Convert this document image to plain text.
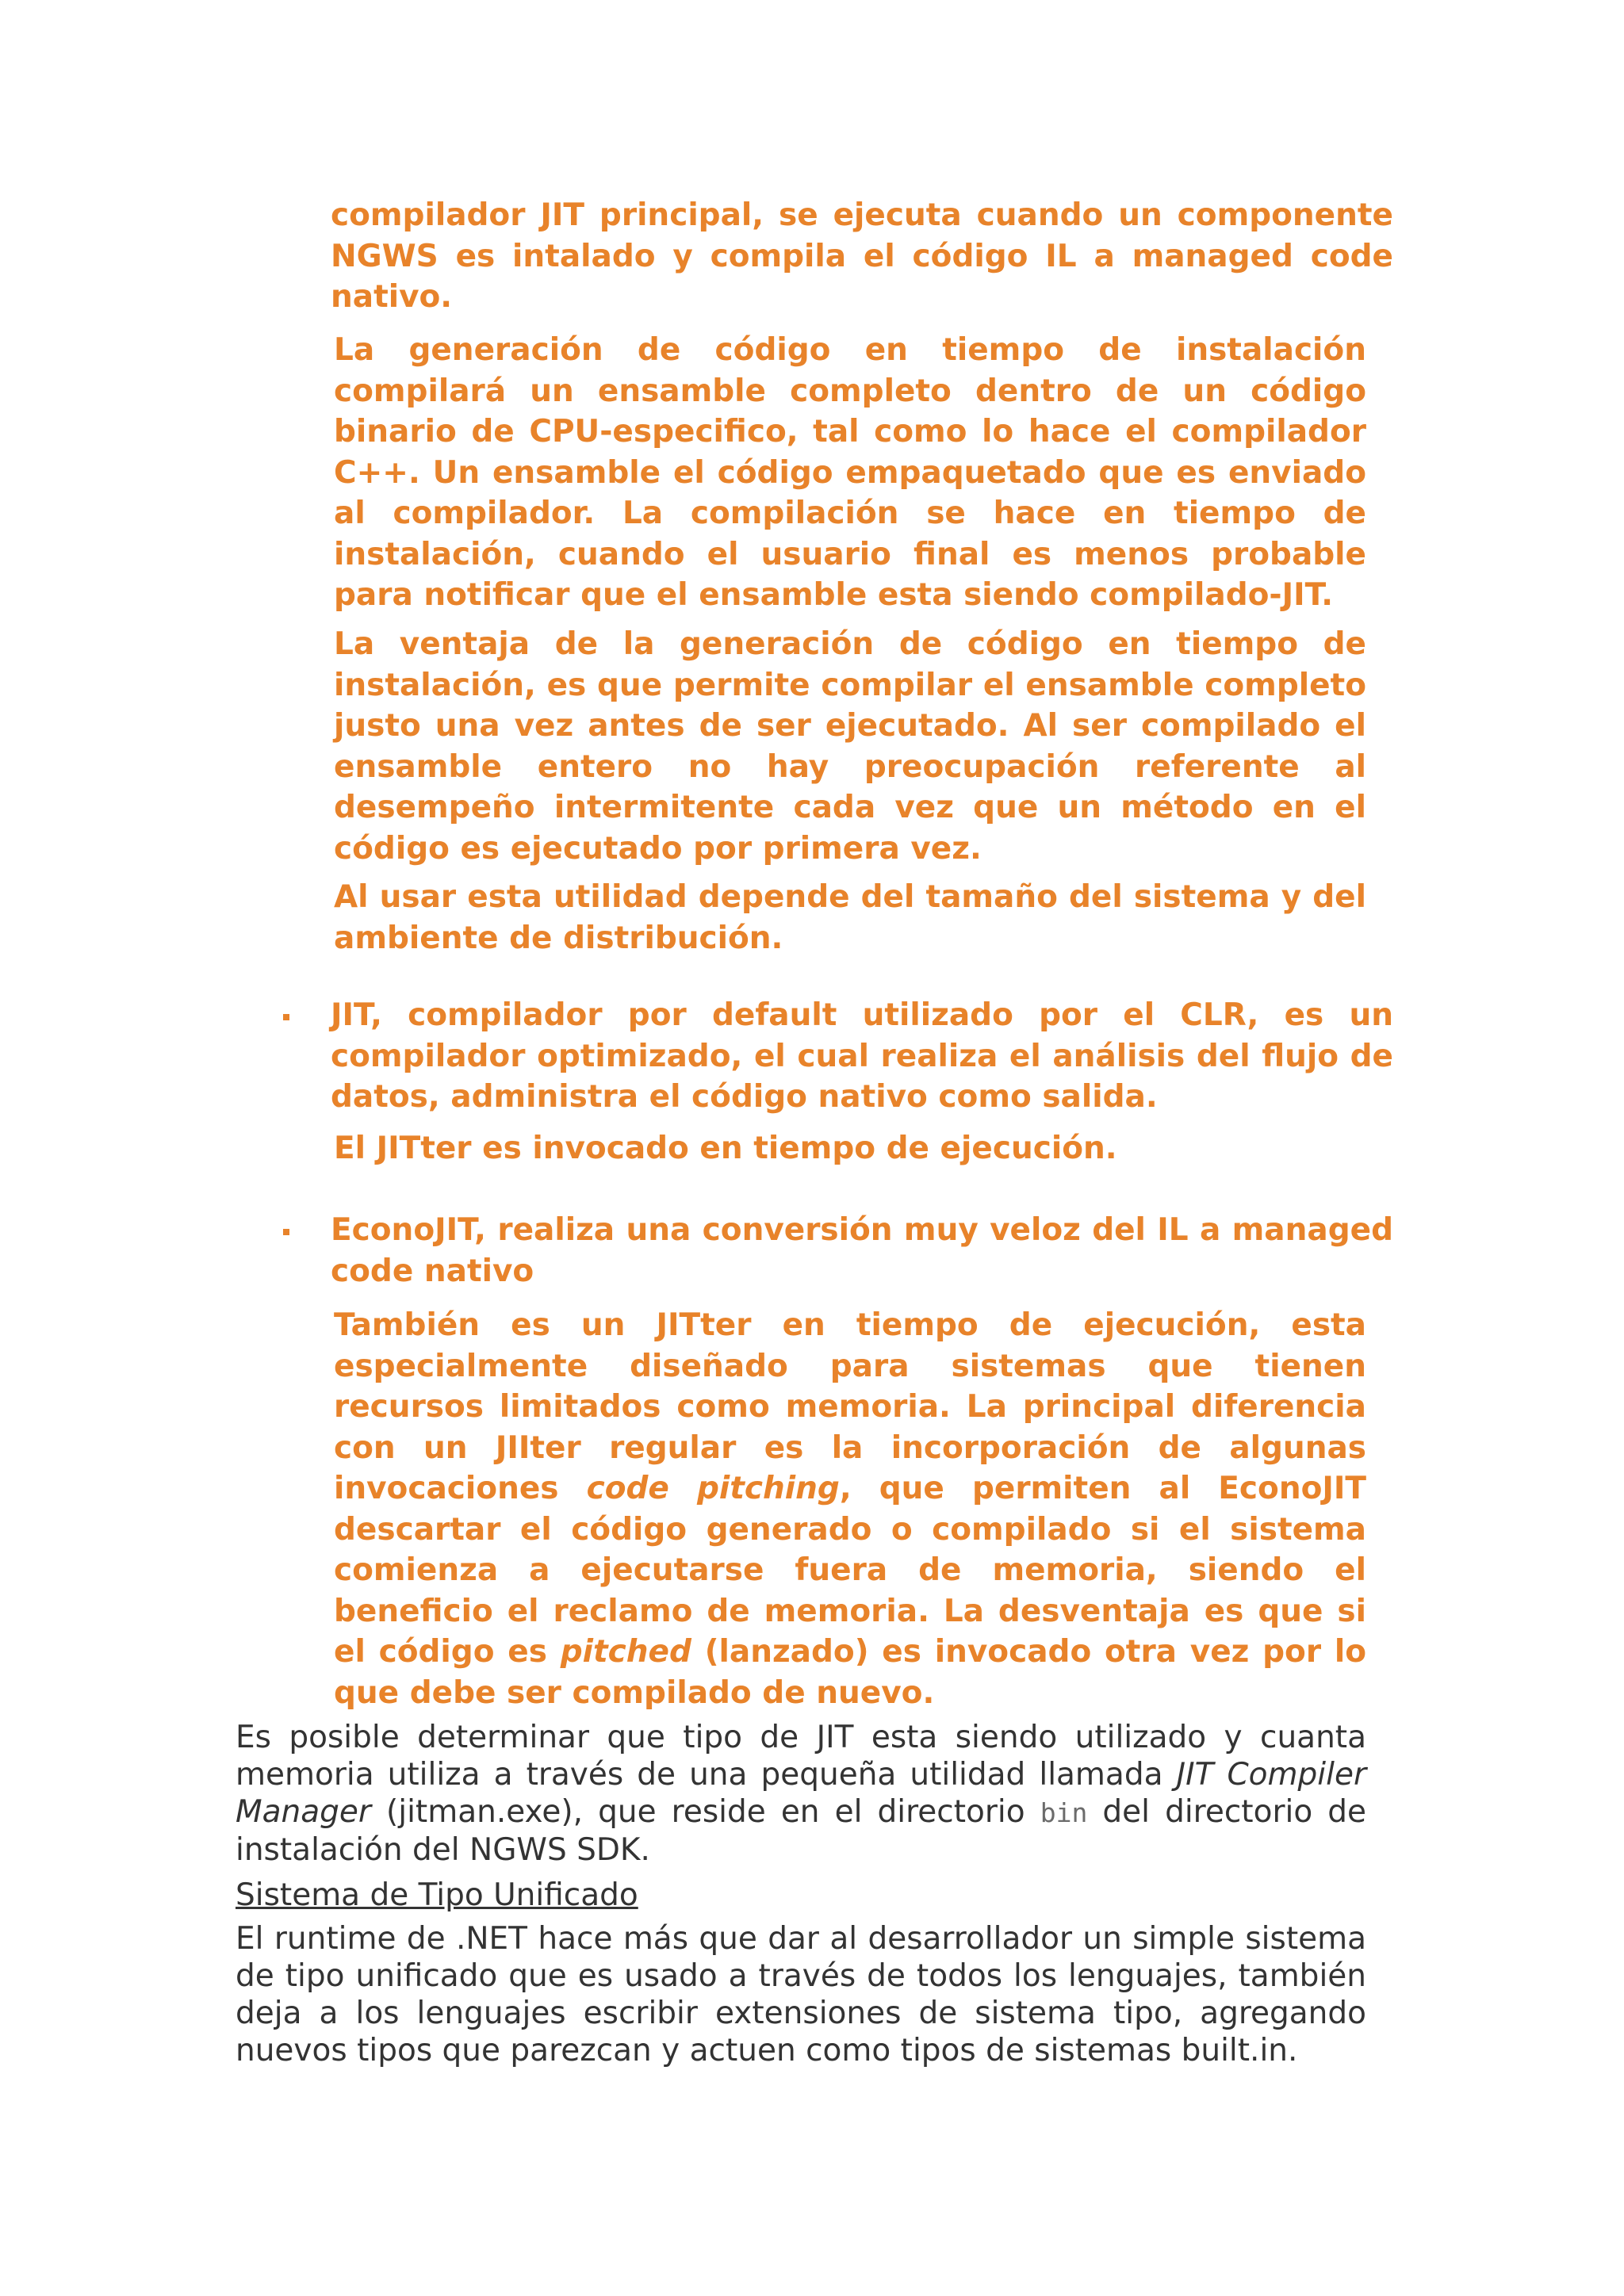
compilador JIT principal, se ejecuta cuando un componente NGWS es intalado y compila el código IL a managed code nativo.

La generación de código en tiempo de instalación compilará un ensamble completo dentro de un código binario de CPU-especifico, tal como lo hace el compilador C++. Un ensamble el código empaquetado que es enviado al compilador. La compilación se hace en tiempo de instalación, cuando el usuario final es menos probable para notificar que el ensamble esta siendo compilado-JIT.

La ventaja de la generación de código en tiempo de instalación, es que permite compilar el ensamble completo justo una vez antes de ser ejecutado. Al ser compilado el ensamble entero no hay preocupación referente al desempeño intermitente cada vez que un método en el código es ejecutado por primera vez.

Al usar esta utilidad depende del tamaño del sistema y del ambiente de distribución.

JIT, compilador por default utilizado por el CLR, es un compilador optimizado, el cual realiza el análisis del flujo de datos, administra el código nativo como salida.

El JITter es invocado en tiempo de ejecución.

EconoJIT, realiza una conversión muy veloz del IL a managed code nativo

También es un JITter en tiempo de ejecución, esta especialmente diseñado para sistemas que tienen recursos limitados como memoria. La principal diferencia con un JIIter regular es la incorporación de algunas invocaciones code pitching, que permiten al EconoJIT descartar el código generado o compilado si el sistema comienza a ejecutarse fuera de memoria, siendo el beneficio el reclamo de memoria. La desventaja es que si el código es pitched (lanzado) es invocado otra vez por lo que debe ser compilado de nuevo.

Es posible determinar que tipo de JIT esta siendo utilizado y cuanta memoria utiliza a través de una pequeña utilidad llamada JIT Compiler Manager (jitman.exe), que reside en el directorio bin del directorio de instalación del NGWS SDK.

Sistema de Tipo Unificado

El runtime de .NET hace más que dar al desarrollador un simple sistema de tipo unificado que es usado a través de todos los lenguajes, también deja a los lenguajes escribir extensiones de sistema tipo, agregando nuevos tipos que parezcan y actuen como tipos de sistemas built.in.
